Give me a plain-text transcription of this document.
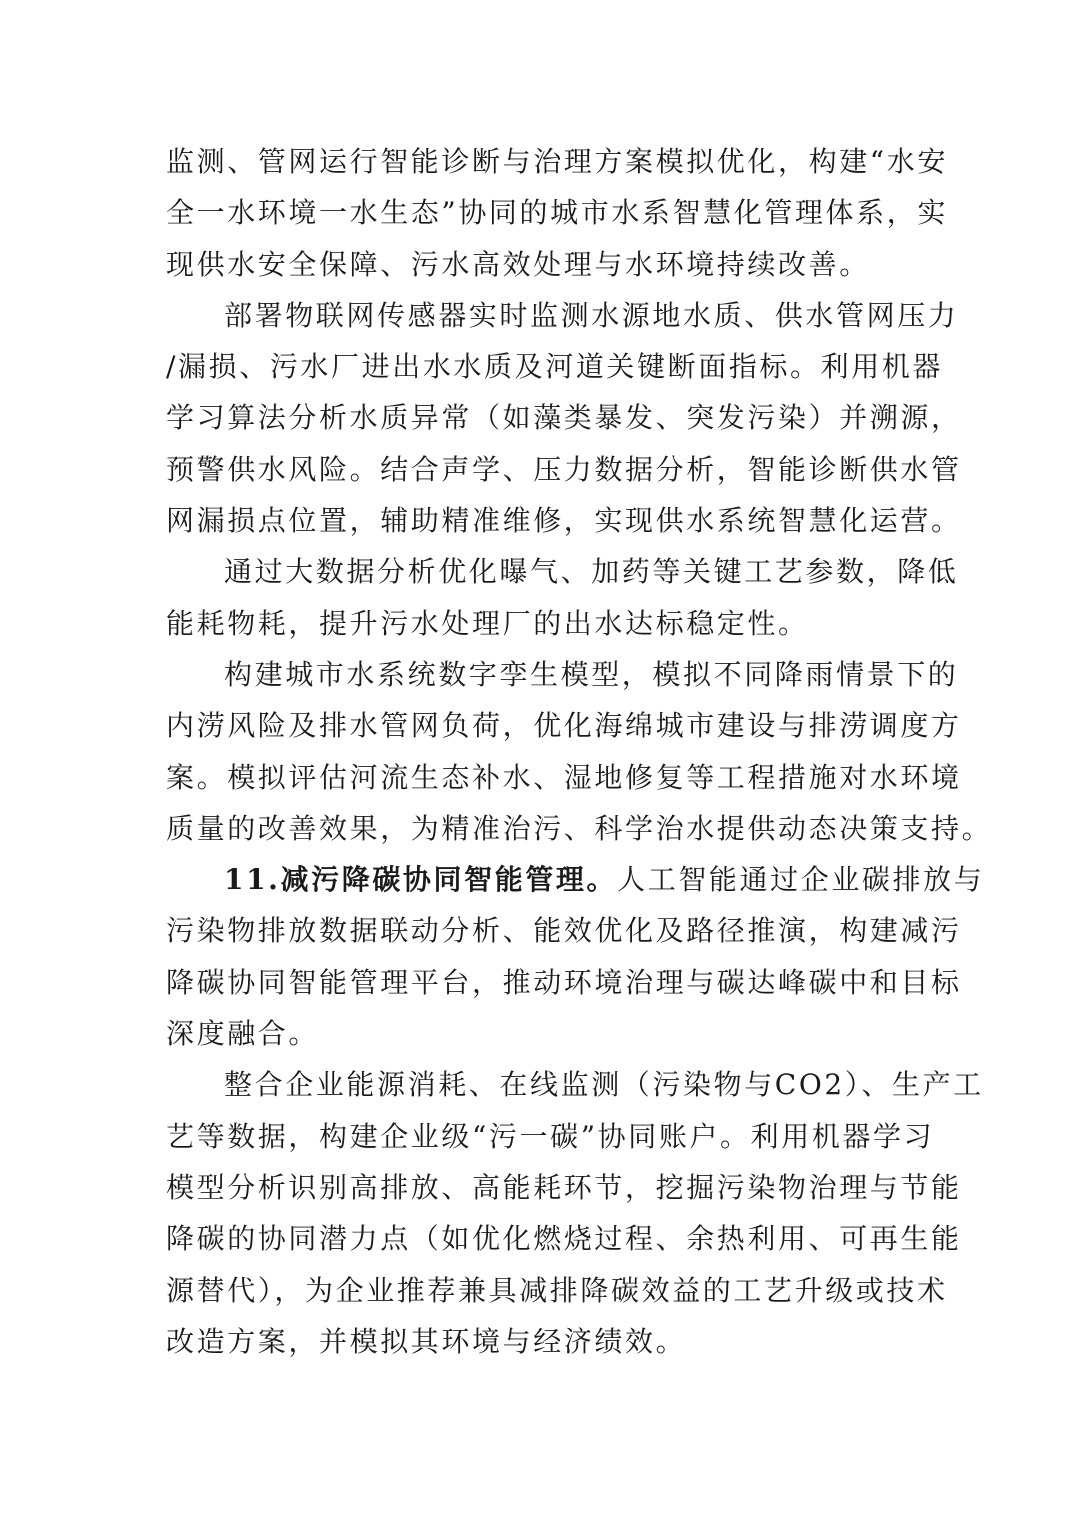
监测、管网运行智能诊断与治理方案模拟优化，构建“水安
全一水环境一水生态”协同的城市水系智慧化管理体系，实
现供水安全保障、污水高效处理与水环境持续改善。
部署物联网传感器实时监测水源地水质、供水管网压力
/漏损、污水厂进出水水质及河道关键断面指标。利用机器
学习算法分析水质异常（如藻类暴发、突发污染）并溯源，
预警供水风险。结合声学、压力数据分析，智能诊断供水管
网漏损点位置，辅助精准维修，实现供水系统智慧化运营。
通过大数据分析优化曝气、加药等关键工艺参数，降低
能耗物耗，提升污水处理厂的出水达标稳定性。
构建城市水系统数字孪生模型，模拟不同降雨情景下的
内涝风险及排水管网负荷，优化海绵城市建设与排涝调度方
案。模拟评估河流生态补水、湿地修复等工程措施对水环境
质量的改善效果，为精准治污、科学治水提供动态决策支持。
11.减污降碳协同智能管理。人工智能通过企业碳排放与
污染物排放数据联动分析、能效优化及路径推演，构建减污
降碳协同智能管理平台，推动环境治理与碳达峰碳中和目标
深度融合。
整合企业能源消耗、在线监测（污染物与CO2）、生产工
艺等数据，构建企业级“污一碳”协同账户。利用机器学习
模型分析识别高排放、高能耗环节，挖掘污染物治理与节能
降碳的协同潜力点（如优化燃烧过程、余热利用、可再生能
源替代），为企业推荐兼具减排降碳效益的工艺升级或技术
改造方案，并模拟其环境与经济绩效。
